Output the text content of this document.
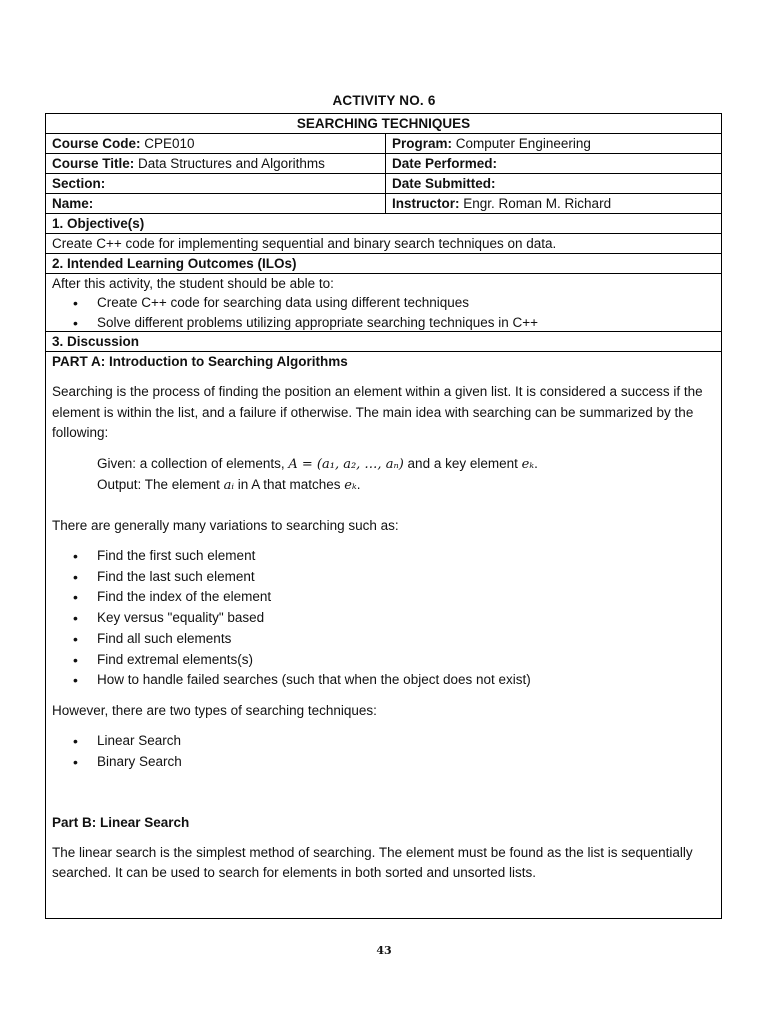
ACTIVITY NO. 6
SEARCHING TECHNIQUES
Course Code: CPE010	Program: Computer Engineering
Course Title: Data Structures and Algorithms	Date Performed:
Section:	Date Submitted:
Name:	Instructor: Engr. Roman M. Richard
1. Objective(s)
Create C++ code for implementing sequential and binary search techniques on data.
2. Intended Learning Outcomes (ILOs)

After this activity, the student should be able to:

• Create C++ code for searching data using different techniques
• Solve different problems utilizing appropriate searching techniques in C++
3. Discussion

PART A: Introduction to Searching Algorithms

Searching is the process of finding the position an element within a given list. It is considered a success if the

element is within the list, and a failure if otherwise. The main idea with searching can be summarized by the

following:

Given: a collection of elements, A = (a₁, a₂, …, aₙ) and a key element eₖ.

Output: The element aᵢ in A that matches eₖ.

There are generally many variations to searching such as:

• Find the first such element
• Find the last such element
• Find the index of the element
• Key versus "equality" based
• Find all such elements
• Find extremal elements(s)
• How to handle failed searches (such that when the object does not exist)

However, there are two types of searching techniques:

• Linear Search
• Binary Search

Part B: Linear Search

The linear search is the simplest method of searching. The element must be found as the list is sequentially

searched. It can be used to search for elements in both sorted and unsorted lists.

43
